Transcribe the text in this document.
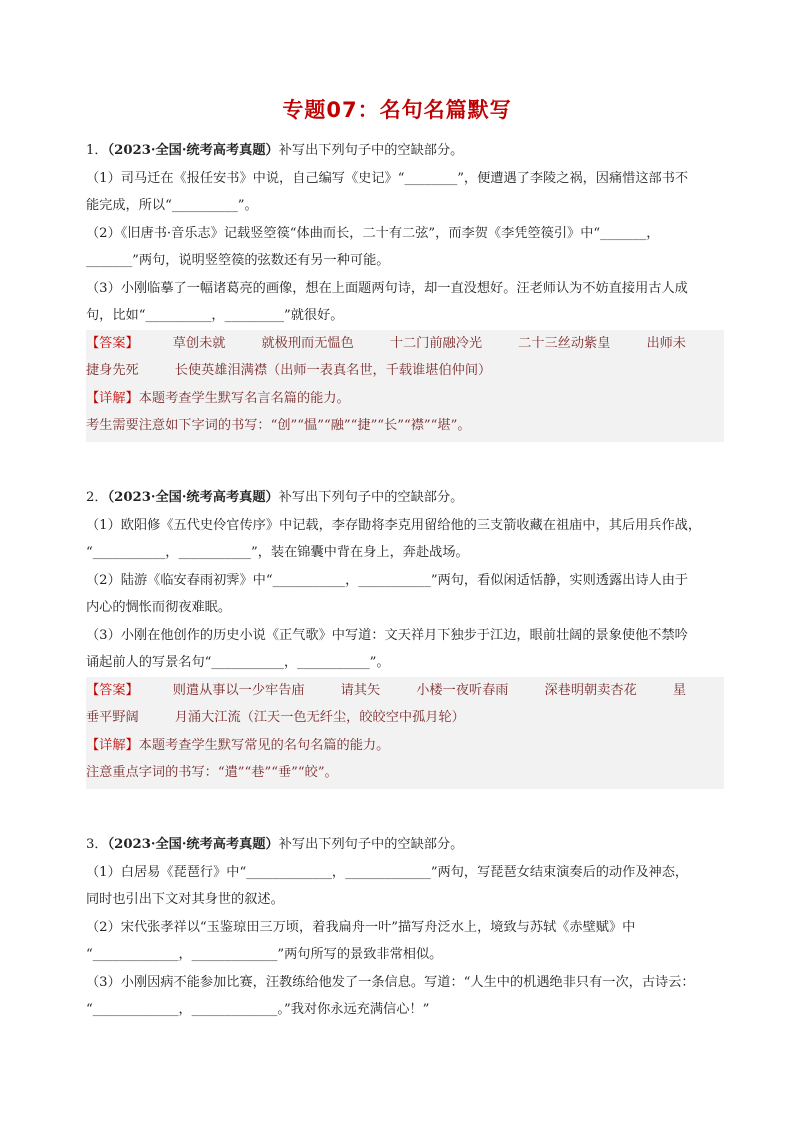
专题07：名句名篇默写
1．（2023·全国·统考高考真题）补写出下列句子中的空缺部分。
（1）司马迁在《报任安书》中说，自己编写《史记》“________”，便遭遇了李陵之祸，因痛惜这部书不
能完成，所以“__________”。
（2）《旧唐书·音乐志》记载竖箜篌“体曲而长，二十有二弦”，而李贺《李凭箜篌引》中“_______，
_______”两句，说明竖箜篌的弦数还有另一种可能。
（3）小刚临摹了一幅诸葛亮的画像，想在上面题两句诗，却一直没想好。汪老师认为不妨直接用古人成
句，比如“__________，_________”就很好。
【答案】	草创未就	就极刑而无愠色	十二门前融冷光	二十三丝动紫皇	出师未
捷身先死	长使英雄泪满襟（出师一表真名世，千载谁堪伯仲间）
【详解】本题考查学生默写名言名篇的能力。
考生需要注意如下字词的书写：“创”“愠”“融”“捷”“长”“襟”“堪”。
2．（2023·全国·统考高考真题）补写出下列句子中的空缺部分。
（1）欧阳修《五代史伶官传序》中记载，李存勖将李克用留给他的三支箭收藏在祖庙中，其后用兵作战，
“___________，___________”，装在锦囊中背在身上，奔赴战场。
（2）陆游《临安春雨初霁》中“___________，___________”两句，看似闲适恬静，实则透露出诗人由于
内心的惆怅而彻夜难眠。
（3）小刚在他创作的历史小说《正气歌》中写道：文天祥月下独步于江边，眼前壮阔的景象使他不禁吟
诵起前人的写景名句“___________，___________”。
【答案】	则遣从事以一少牢告庙	请其矢	小楼一夜听春雨	深巷明朝卖杏花	星
垂平野阔	月涌大江流（江天一色无纤尘，皎皎空中孤月轮）
【详解】本题考查学生默写常见的名句名篇的能力。
注意重点字词的书写：“遣”“巷”“垂”“皎”。
3．（2023·全国·统考高考真题）补写出下列句子中的空缺部分。
（1）白居易《琵琶行》中“_____________，_____________”两句，写琵琶女结束演奏后的动作及神态，
同时也引出下文对其身世的叙述。
（2）宋代张孝祥以“玉鉴琼田三万顷，着我扁舟一叶”描写舟泛水上，境致与苏轼《赤壁赋》中
“_____________，_____________”两句所写的景致非常相似。
（3）小刚因病不能参加比赛，汪教练给他发了一条信息。写道：“人生中的机遇绝非只有一次，古诗云：
“_____________，_____________。”我对你永远充满信心！”
